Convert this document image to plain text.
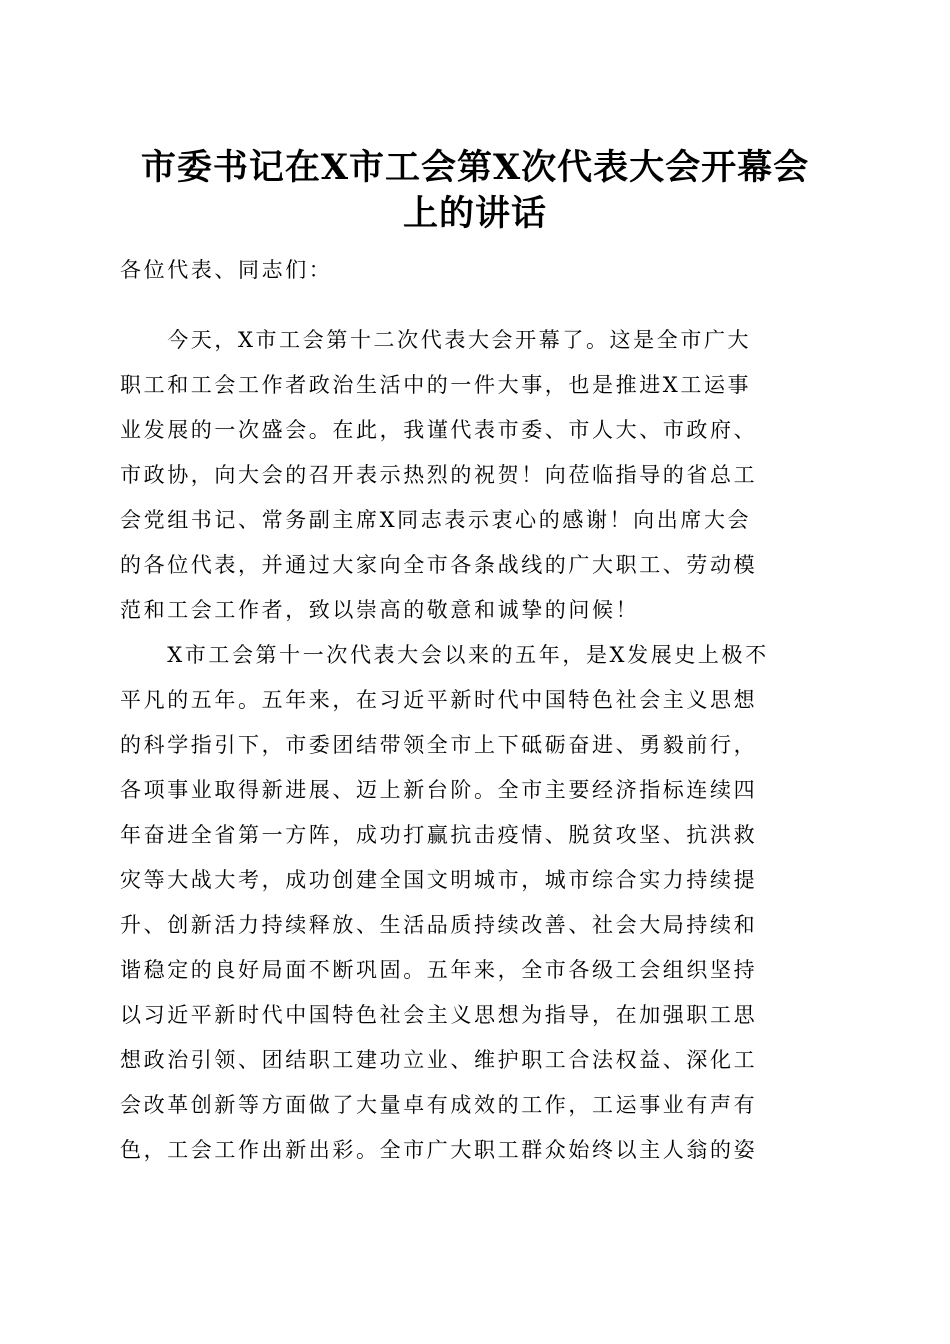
市委书记在X市工会第X次代表大会开幕会
上的讲话
各位代表、同志们：
　　今天，X市工会第十二次代表大会开幕了。这是全市广大
职工和工会工作者政治生活中的一件大事，也是推进X工运事
业发展的一次盛会。在此，我谨代表市委、市人大、市政府、
市政协，向大会的召开表示热烈的祝贺！向莅临指导的省总工
会党组书记、常务副主席X同志表示衷心的感谢！向出席大会
的各位代表，并通过大家向全市各条战线的广大职工、劳动模
范和工会工作者，致以崇高的敬意和诚挚的问候！
　　X市工会第十一次代表大会以来的五年，是X发展史上极不
平凡的五年。五年来，在习近平新时代中国特色社会主义思想
的科学指引下，市委团结带领全市上下砥砺奋进、勇毅前行，
各项事业取得新进展、迈上新台阶。全市主要经济指标连续四
年奋进全省第一方阵，成功打赢抗击疫情、脱贫攻坚、抗洪救
灾等大战大考，成功创建全国文明城市，城市综合实力持续提
升、创新活力持续释放、生活品质持续改善、社会大局持续和
谐稳定的良好局面不断巩固。五年来，全市各级工会组织坚持
以习近平新时代中国特色社会主义思想为指导，在加强职工思
想政治引领、团结职工建功立业、维护职工合法权益、深化工
会改革创新等方面做了大量卓有成效的工作，工运事业有声有
色，工会工作出新出彩。全市广大职工群众始终以主人翁的姿
